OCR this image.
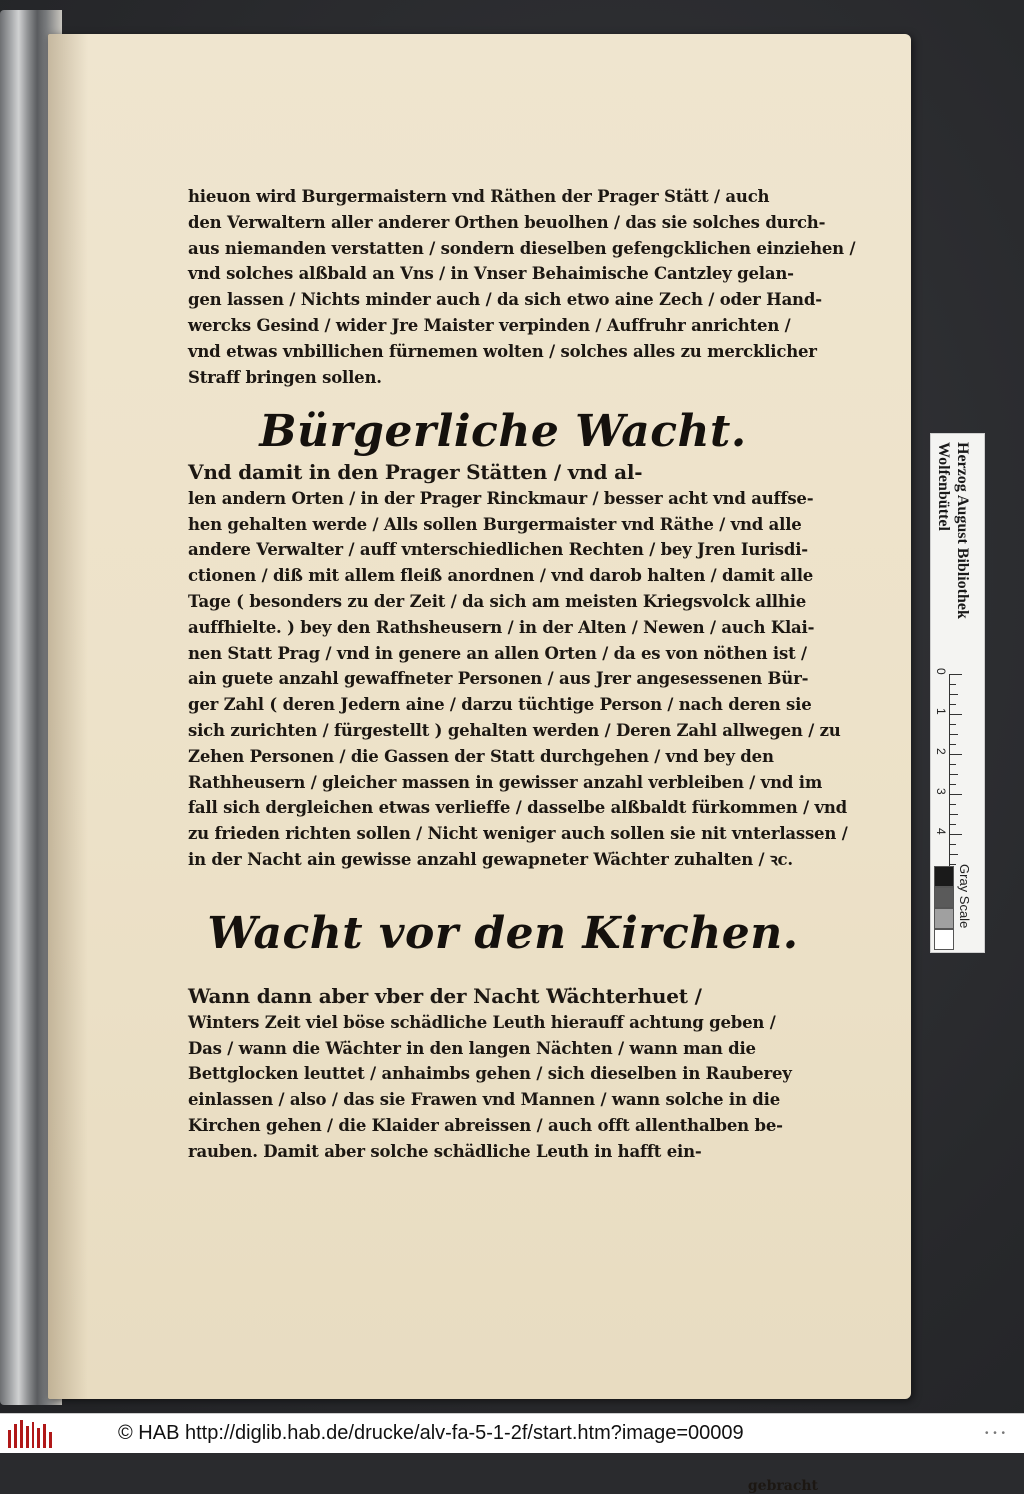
hieuon wird Burgermaistern vnd Räthen der Prager Stätt / auch

den Verwaltern aller anderer Orthen beuolhen / das sie solches durch-

aus niemanden verstatten / sondern dieselben gefengcklichen einziehen /

vnd solches alßbald an Vns / in Vnser Behaimische Cantzley gelan-

gen lassen / Nichts minder auch / da sich etwo aine Zech / oder Hand-

wercks Gesind / wider Jre Maister verpinden / Auffruhr anrichten /

vnd etwas vnbillichen fürnemen wolten / solches alles zu mercklicher

Straff bringen sollen.

Bürgerliche Wacht.

Vnd damit in den Prager Stätten / vnd al-

len andern Orten / in der Prager Rinckmaur / besser acht vnd auffse-

hen gehalten werde / Alls sollen Burgermaister vnd Räthe / vnd alle

andere Verwalter / auff vnterschiedlichen Rechten / bey Jren Iurisdi-

ctionen / diß mit allem fleiß anordnen / vnd darob halten / damit alle

Tage ( besonders zu der Zeit / da sich am meisten Kriegsvolck allhie

auffhielte. ) bey den Rathsheusern / in der Alten / Newen / auch Klai-

nen Statt Prag / vnd in genere an allen Orten / da es von nöthen ist /

ain guete anzahl gewaffneter Personen / aus Jrer angesessenen Bür-

ger Zahl ( deren Jedern aine / darzu tüchtige Person / nach deren sie

sich zurichten / fürgestellt ) gehalten werden / Deren Zahl allwegen / zu

Zehen Personen / die Gassen der Statt durchgehen / vnd bey den

Rathheusern / gleicher massen in gewisser anzahl verbleiben / vnd im

fall sich dergleichen etwas verlieffe / dasselbe alßbaldt fürkommen / vnd

zu frieden richten sollen / Nicht weniger auch sollen sie nit vnterlassen /

in der Nacht ain gewisse anzahl gewapneter Wächter zuhalten / ꝛc.

Wacht vor den Kirchen.

Wann dann aber vber der Nacht Wächterhuet /

Winters Zeit viel böse schädliche Leuth hierauff achtung geben /

Das / wann die Wächter in den langen Nächten / wann man die

Bettglocken leuttet / anhaimbs gehen / sich dieselben in Rauberey

einlassen / also / das sie Frawen vnd Mannen / wann solche in die

Kirchen gehen / die Klaider abreissen / auch offt allenthalben be-

rauben. Damit aber solche schädliche Leuth in hafft ein-

gebracht
Herzog August Bibliothek
Wolfenbüttel
0
1
2
3
4
Gray Scale
© HAB http://diglib.hab.de/drucke/alv-fa-5-1-2f/start.htm?image=00009	• • •
